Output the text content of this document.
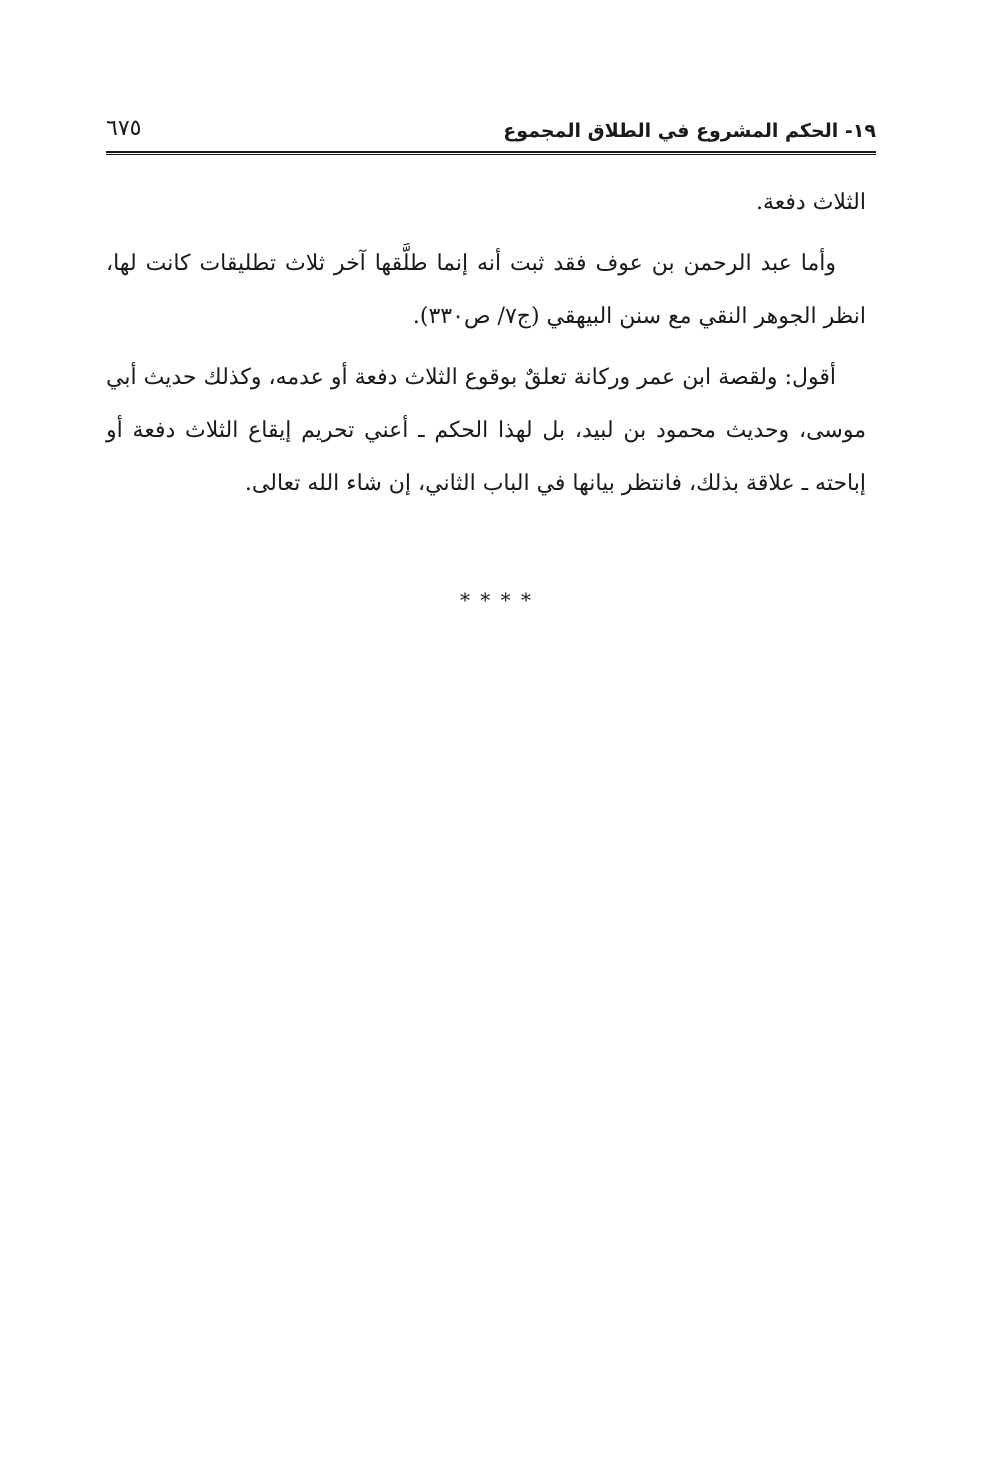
١٩- الحكم المشروع في الطلاق المجموع
٦٧٥

الثلاث دفعة.

وأما عبد الرحمن بن عوف فقد ثبت أنه إنما طلَّقها آخر ثلاث تطليقات كانت لها، انظر الجوهر النقي مع سنن البيهقي (ج٧/ ص٣٣٠).

أقول: ولقصة ابن عمر وركانة تعلقٌ بوقوع الثلاث دفعة أو عدمه، وكذلك حديث أبي موسى، وحديث محمود بن لبيد، بل لهذا الحكم ـ أعني تحريم إيقاع الثلاث دفعة أو إباحته ـ علاقة بذلك، فانتظر بيانها في الباب الثاني، إن شاء الله تعالى.

* * * *
